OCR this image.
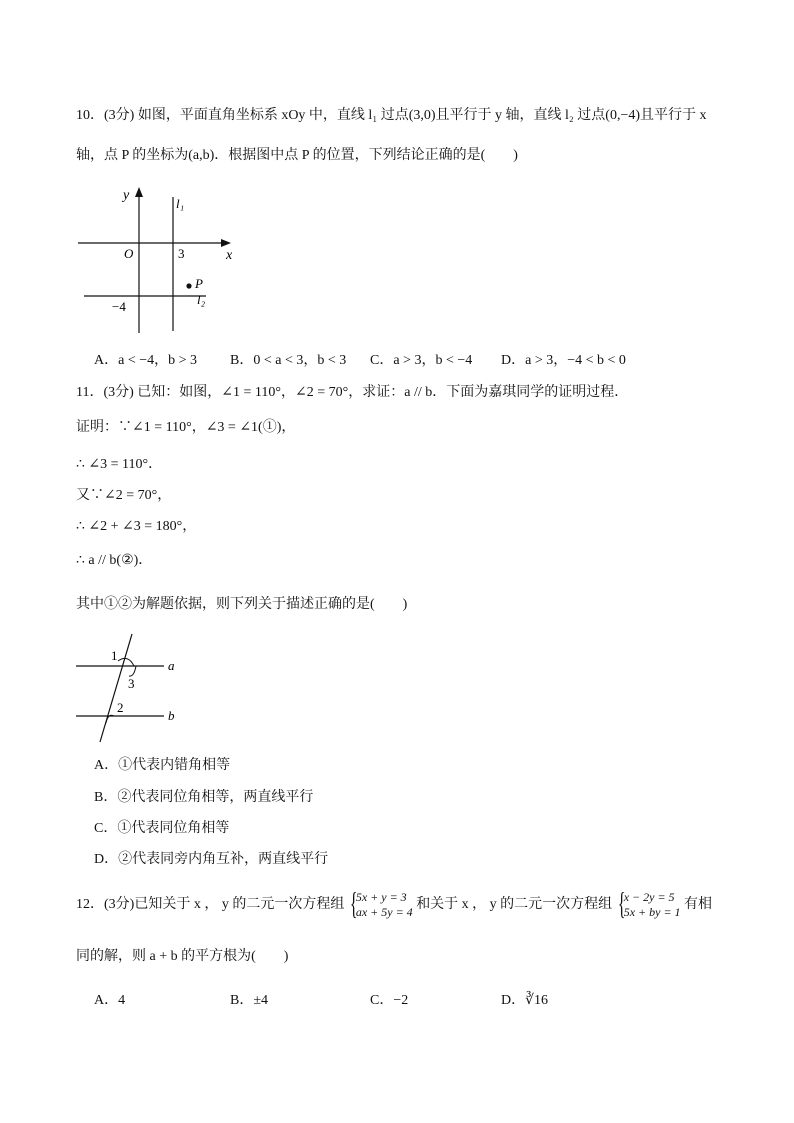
10．(3分) 如图，平面直角坐标系 xOy 中，直线 l₁ 过点(3,0)且平行于 y 轴，直线 l₂ 过点(0,−4)且平行于 x
轴，点 P 的坐标为(a,b)．根据图中点 P 的位置，下列结论正确的是(　　)
y
x
O	3
−4
l₁
l₂
P
A．a < −4，b > 3 B．0 < a < 3，b < 3 C．a > 3，b < −4 D．a > 3，−4 < b < 0
11．(3分) 已知：如图，∠1 = 110°，∠2 = 70°，求证：a // b．下面为嘉琪同学的证明过程．
证明：∵∠1 = 110°，∠3 = ∠1(①)，
∴ ∠3 = 110°．
又∵∠2 = 70°，
∴ ∠2 + ∠3 = 180°，
∴ a // b(②)．
其中①②为解题依据，则下列关于描述正确的是(　　)
1
3
2
a
b
A．①代表内错角相等
B．②代表同位角相等，两直线平行
C．①代表同位角相等
D．②代表同旁内角互补，两直线平行
12．(3分)已知关于 x ， y 的二元一次方程组 {
5x + y = 3
ax + 5y = 4 和关于 x ， y 的二元一次方程组 {
x − 2y = 5
5x + by = 1 有相
同的解，则 a + b 的平方根为(　　)
A．4	B．±4	C．−2	D．∛16
